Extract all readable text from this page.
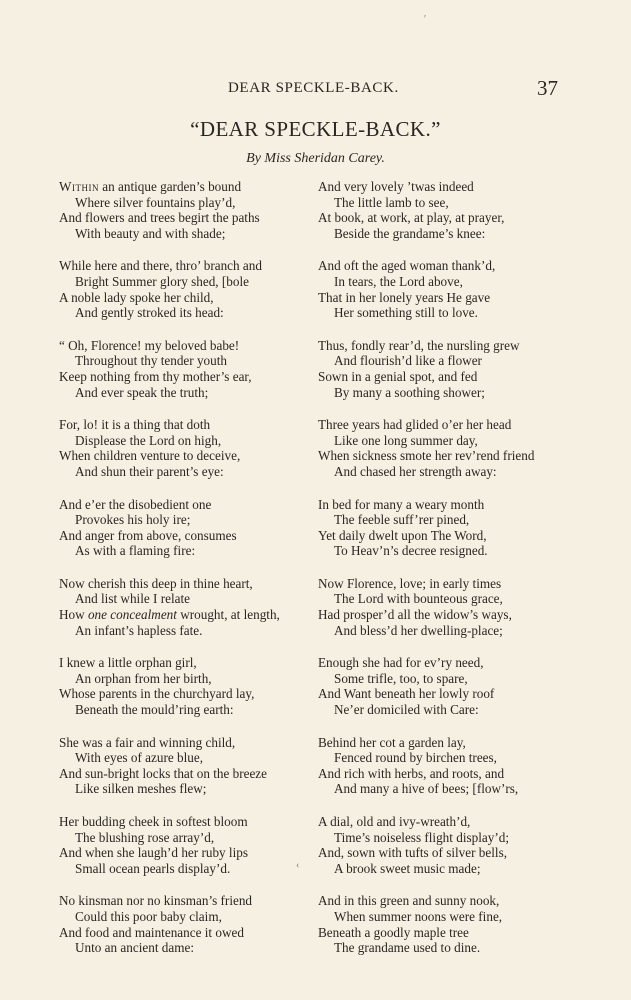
DEAR SPECKLE-BACK.	37
“DEAR SPECKLE-BACK.”
By Miss Sheridan Carey.
Within an antique garden’s bound
Where silver fountains play’d,
And flowers and trees begirt the paths
With beauty and with shade;
While here and there, thro’ branch and
Bright Summer glory shed, [bole
A noble lady spoke her child,
And gently stroked its head:
“ Oh, Florence! my beloved babe!
Throughout thy tender youth
Keep nothing from thy mother’s ear,
And ever speak the truth;
For, lo! it is a thing that doth
Displease the Lord on high,
When children venture to deceive,
And shun their parent’s eye:
And e’er the disobedient one
Provokes his holy ire;
And anger from above, consumes
As with a flaming fire:
Now cherish this deep in thine heart,
And list while I relate
How one concealment wrought, at length,
An infant’s hapless fate.
I knew a little orphan girl,
An orphan from her birth,
Whose parents in the churchyard lay,
Beneath the mould’ring earth:
She was a fair and winning child,
With eyes of azure blue,
And sun-bright locks that on the breeze
Like silken meshes flew;
Her budding cheek in softest bloom
The blushing rose array’d,
And when she laugh’d her ruby lips
Small ocean pearls display’d.
No kinsman nor no kinsman’s friend
Could this poor baby claim,
And food and maintenance it owed
Unto an ancient dame:
And very lovely ’twas indeed
The little lamb to see,
At book, at work, at play, at prayer,
Beside the grandame’s knee:
And oft the aged woman thank’d,
In tears, the Lord above,
That in her lonely years He gave
Her something still to love.
Thus, fondly rear’d, the nursling grew
And flourish’d like a flower
Sown in a genial spot, and fed
By many a soothing shower;
Three years had glided o’er her head
Like one long summer day,
When sickness smote her rev’rend friend
And chased her strength away:
In bed for many a weary month
The feeble suff’rer pined,
Yet daily dwelt upon The Word,
To Heav’n’s decree resigned.
Now Florence, love; in early times
The Lord with bounteous grace,
Had prosper’d all the widow’s ways,
And bless’d her dwelling-place;
Enough she had for ev’ry need,
Some trifle, too, to spare,
And Want beneath her lowly roof
Ne’er domiciled with Care:
Behind her cot a garden lay,
Fenced round by birchen trees,
And rich with herbs, and roots, and
And many a hive of bees; [flow’rs,
A dial, old and ivy-wreath’d,
Time’s noiseless flight display’d;
And, sown with tufts of silver bells,
A brook sweet music made;
And in this green and sunny nook,
When summer noons were fine,
Beneath a goodly maple tree
The grandame used to dine.
′
‹
